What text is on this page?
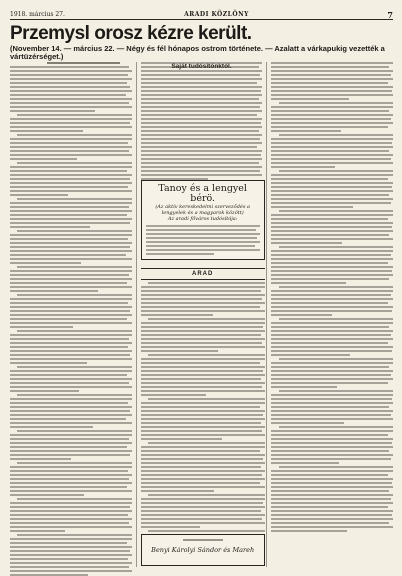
1918. március 27.	ARADI KÖZLÖNY	7
Przemysl orosz kézre került.
(November 14. — március 22. — Négy és fél hónapos ostrom története. — Azalatt a várkapukig vezették a vártüzérséget.)
Saját tudósítónktól.
Tanoy és a lengyel bérö.
(Az aktív kereskedelmi szerveződés a lengyelek és a magyarok között)
Az aradi főváros tudósítója:
ARAD
Benyi Károlyi Sándor és Mareh
